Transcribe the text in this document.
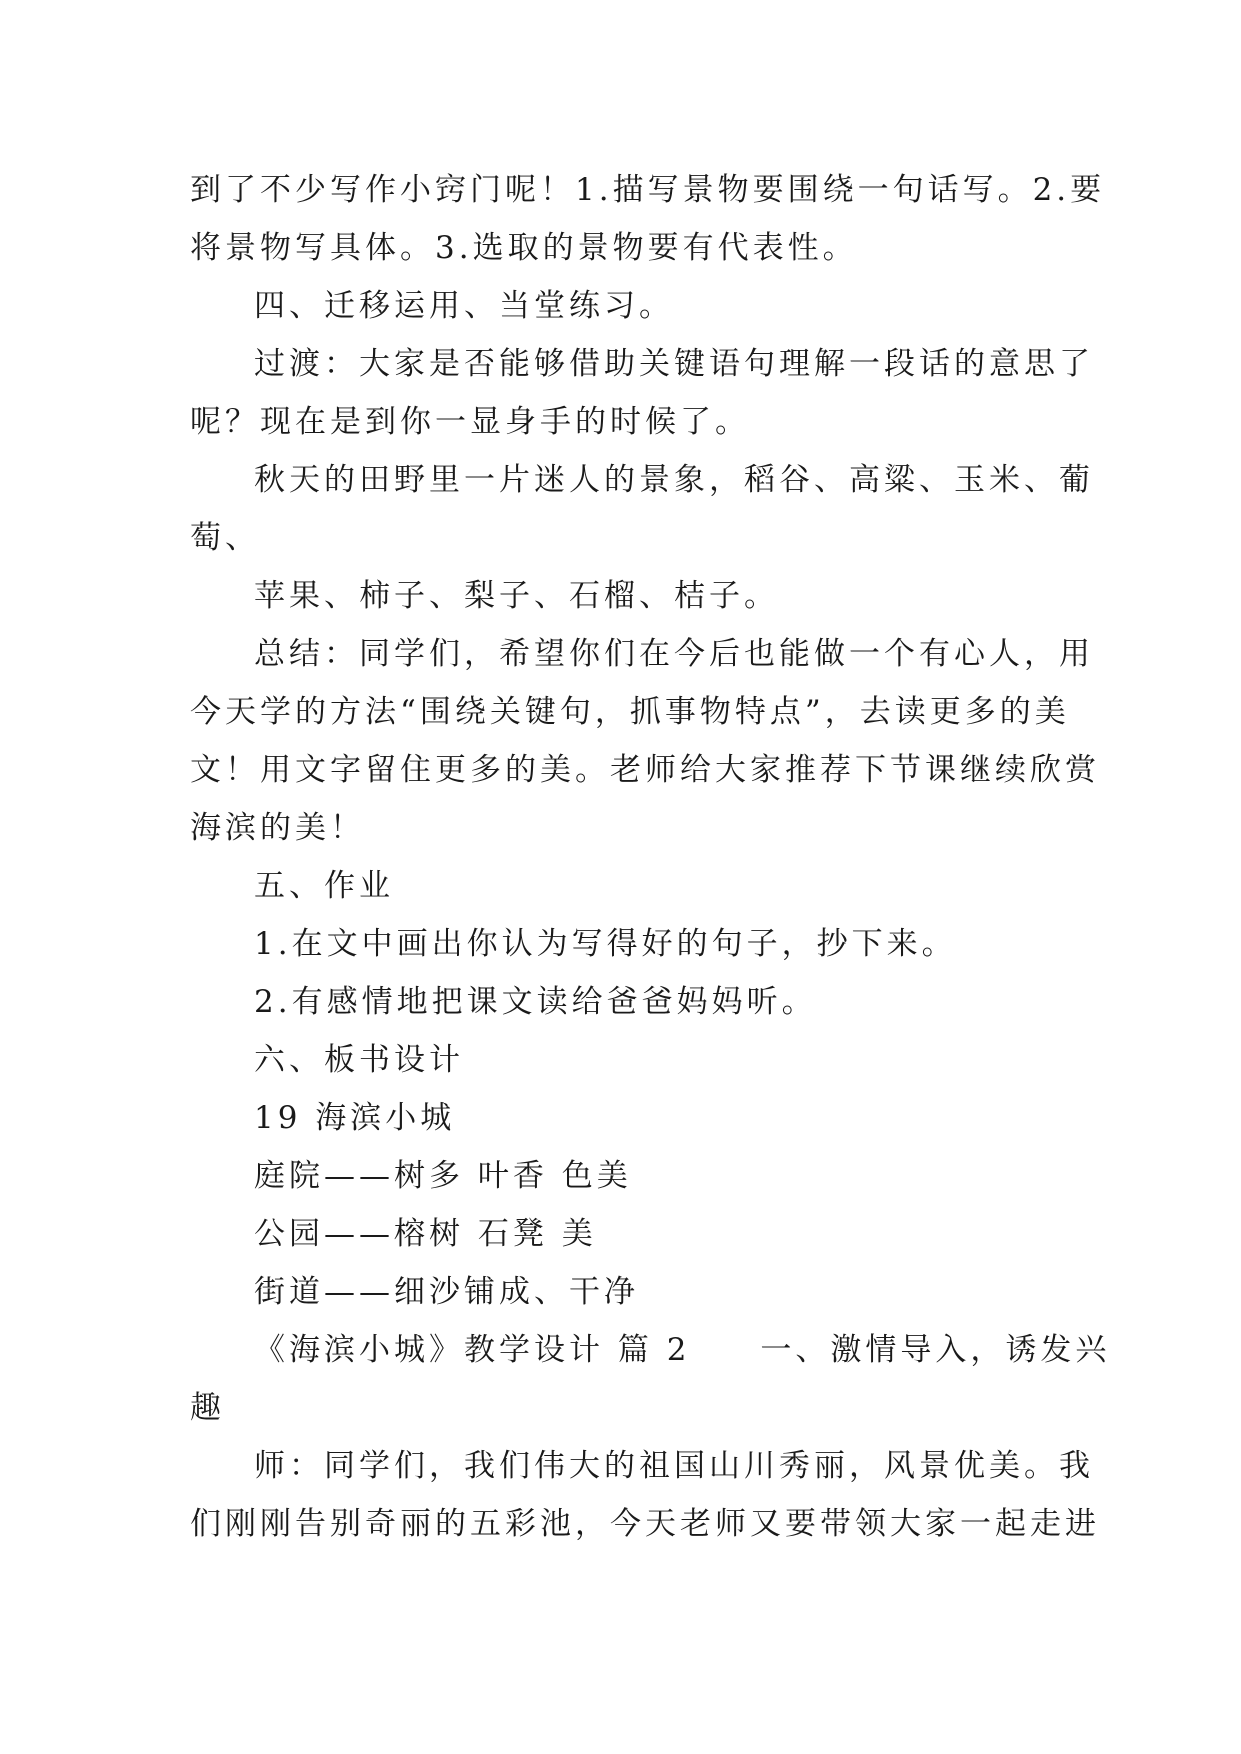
到了不少写作小窍门呢！1.描写景物要围绕一句话写。2.要
将景物写具体。3.选取的景物要有代表性。
四、迁移运用、当堂练习。
过渡：大家是否能够借助关键语句理解一段话的意思了
呢？现在是到你一显身手的时候了。
秋天的田野里一片迷人的景象，稻谷、高粱、玉米、葡
萄、
苹果、柿子、梨子、石榴、桔子。
总结：同学们，希望你们在今后也能做一个有心人，用
今天学的方法“围绕关键句，抓事物特点”，去读更多的美
文！用文字留住更多的美。老师给大家推荐下节课继续欣赏
海滨的美！
五、作业
1.在文中画出你认为写得好的句子，抄下来。
2.有感情地把课文读给爸爸妈妈听。
六、板书设计
19 海滨小城
庭院——树多 叶香 色美
公园——榕树 石凳 美
街道——细沙铺成、干净
《海滨小城》教学设计 篇 2　　一、激情导入，诱发兴
趣
师：同学们，我们伟大的祖国山川秀丽，风景优美。我
们刚刚告别奇丽的五彩池，今天老师又要带领大家一起走进
